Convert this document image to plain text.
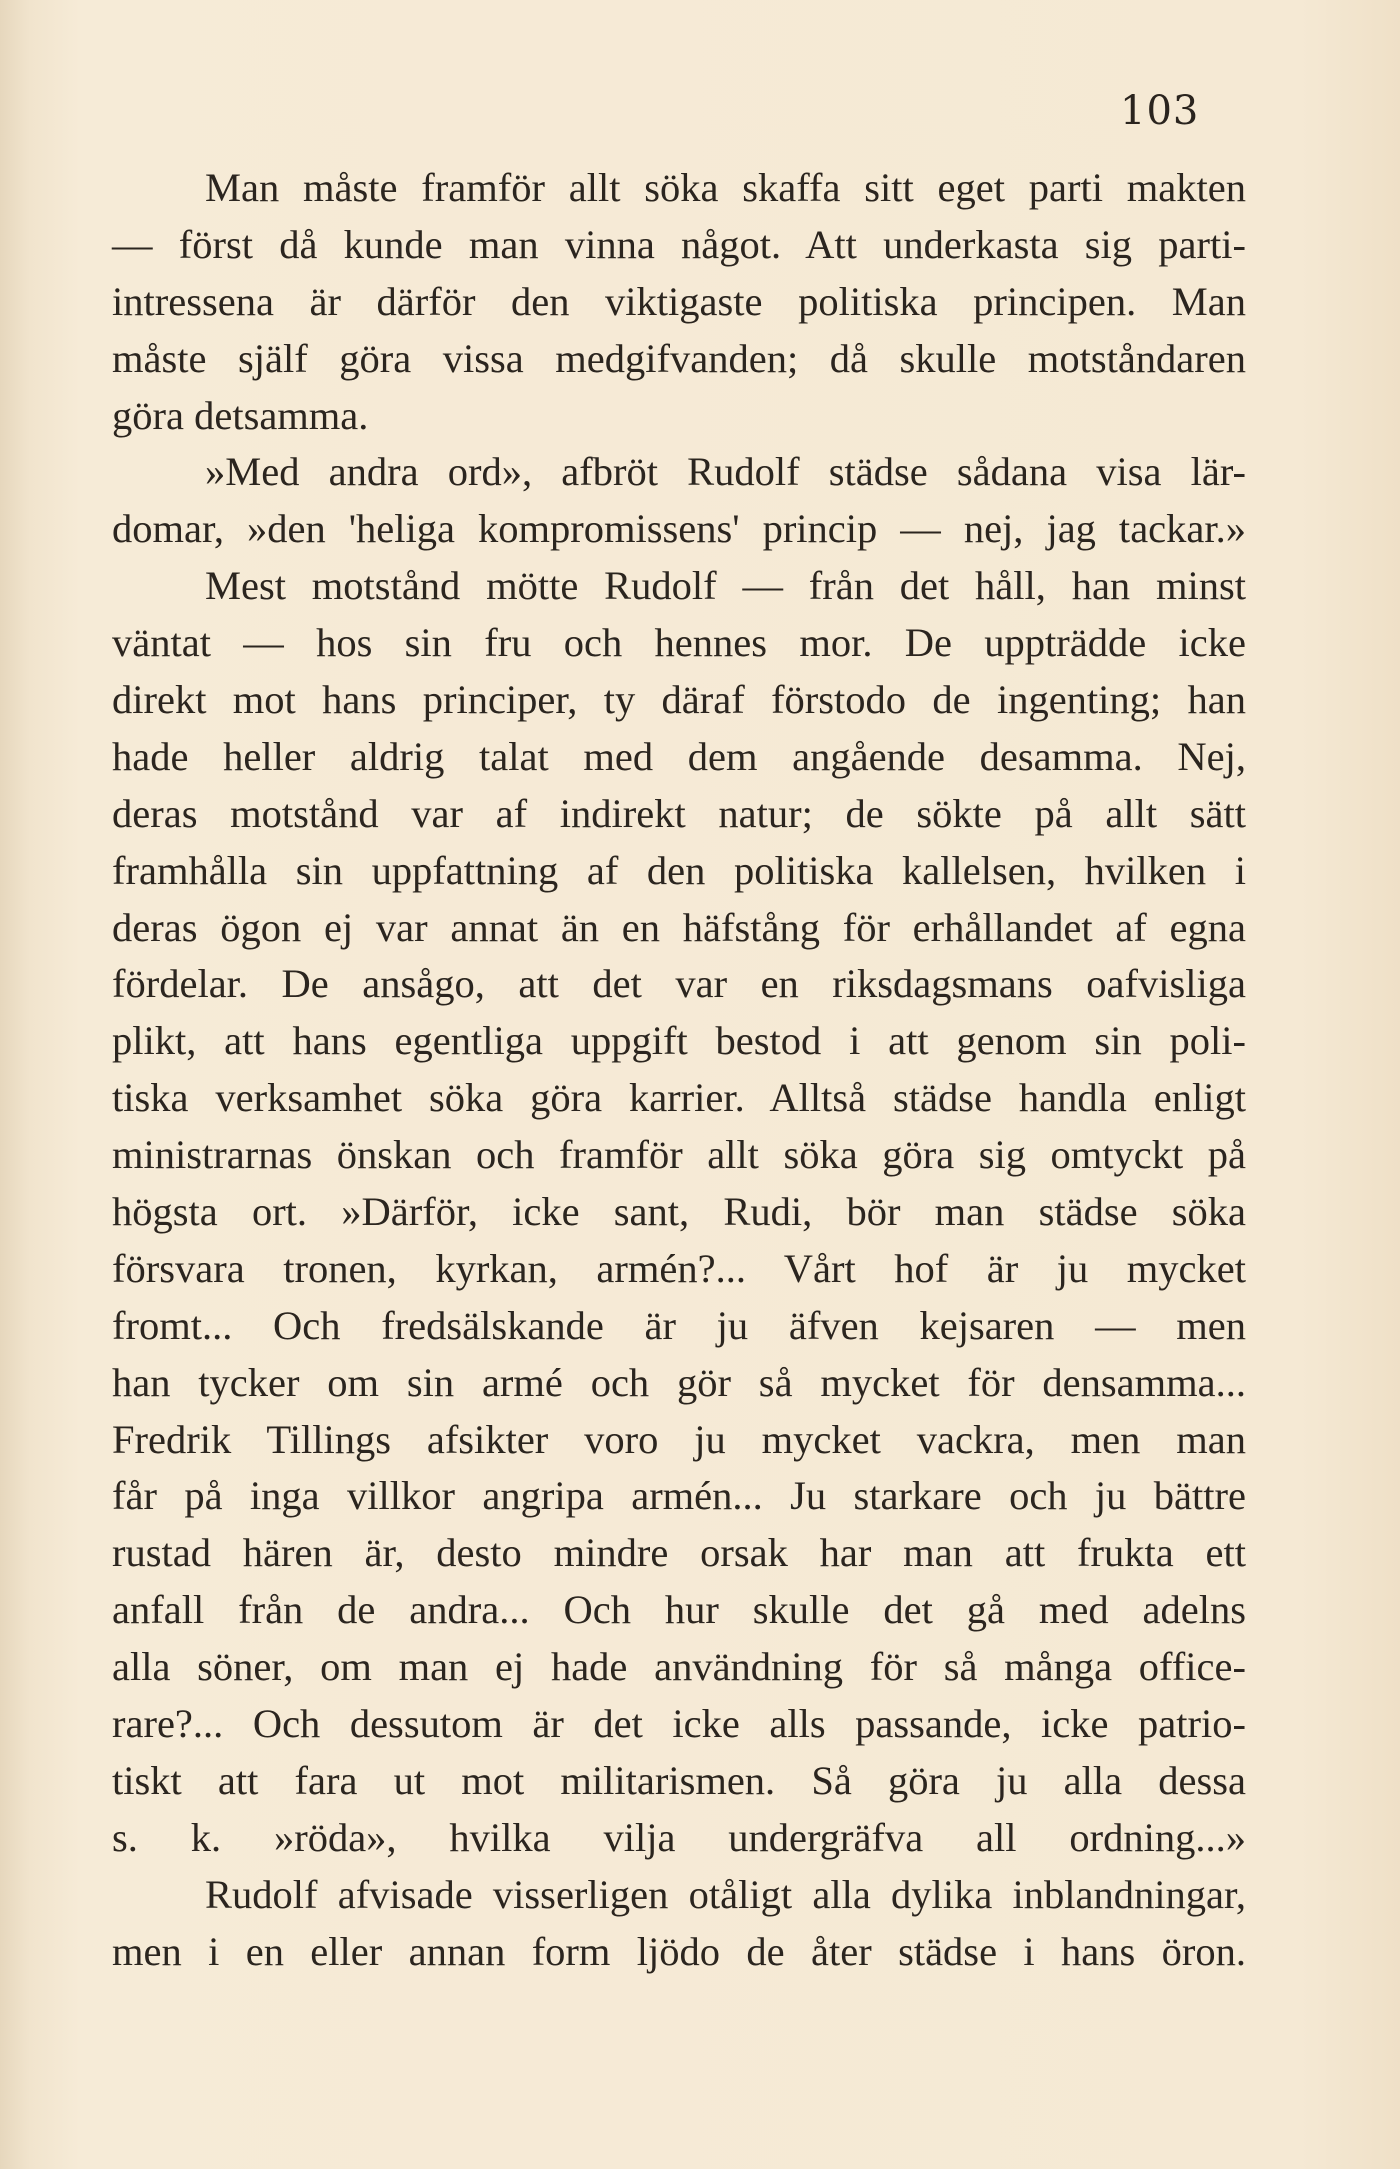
103
Man måste framför allt söka skaffa sitt eget parti makten
— först då kunde man vinna något. Att underkasta sig parti-
intressena är därför den viktigaste politiska principen. Man
måste själf göra vissa medgifvanden; då skulle motståndaren
göra detsamma.
»Med andra ord», afbröt Rudolf städse sådana visa lär-
domar, »den 'heliga kompromissens' princip — nej, jag tackar.»
Mest motstånd mötte Rudolf — från det håll, han minst
väntat — hos sin fru och hennes mor. De uppträdde icke
direkt mot hans principer, ty däraf förstodo de ingenting; han
hade heller aldrig talat med dem angående desamma. Nej,
deras motstånd var af indirekt natur; de sökte på allt sätt
framhålla sin uppfattning af den politiska kallelsen, hvilken i
deras ögon ej var annat än en häfstång för erhållandet af egna
fördelar. De ansågo, att det var en riksdagsmans oafvisliga
plikt, att hans egentliga uppgift bestod i att genom sin poli-
tiska verksamhet söka göra karrier. Alltså städse handla enligt
ministrarnas önskan och framför allt söka göra sig omtyckt på
högsta ort. »Därför, icke sant, Rudi, bör man städse söka
försvara tronen, kyrkan, armén?... Vårt hof är ju mycket
fromt... Och fredsälskande är ju äfven kejsaren — men
han tycker om sin armé och gör så mycket för densamma...
Fredrik Tillings afsikter voro ju mycket vackra, men man
får på inga villkor angripa armén... Ju starkare och ju bättre
rustad hären är, desto mindre orsak har man att frukta ett
anfall från de andra... Och hur skulle det gå med adelns
alla söner, om man ej hade användning för så många office-
rare?... Och dessutom är det icke alls passande, icke patrio-
tiskt att fara ut mot militarismen. Så göra ju alla dessa
s. k. »röda», hvilka vilja undergräfva all ordning...»
Rudolf afvisade visserligen otåligt alla dylika inblandningar,
men i en eller annan form ljödo de åter städse i hans öron.
